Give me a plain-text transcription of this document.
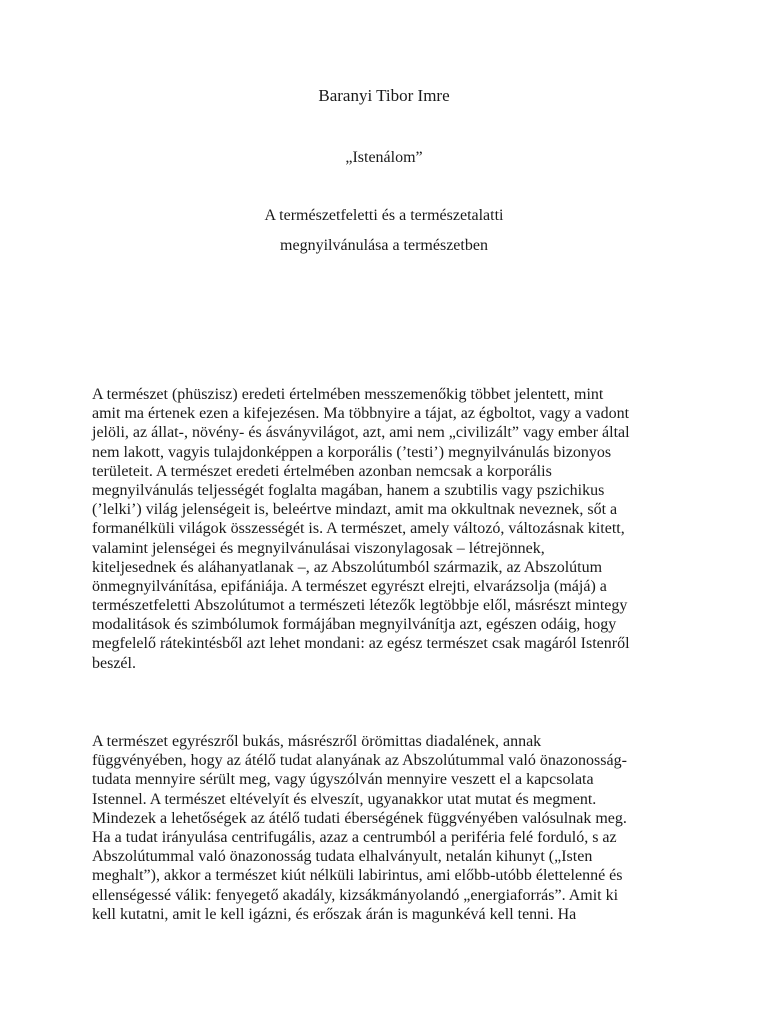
Baranyi Tibor Imre
„Istenálom”
A természetfeletti és a természetalatti
megnyilvánulása a természetben
A természet (phüszisz) eredeti értelmében messzemenőkig többet jelentett, mint
amit ma értenek ezen a kifejezésen. Ma többnyire a tájat, az égboltot, vagy a vadont
jelöli, az állat-, növény- és ásványvilágot, azt, ami nem „civilizált” vagy ember által
nem lakott, vagyis tulajdonképpen a korporális (’testi’) megnyilvánulás bizonyos
területeit. A természet eredeti értelmében azonban nemcsak a korporális
megnyilvánulás teljességét foglalta magában, hanem a szubtilis vagy pszichikus
(’lelki’) világ jelenségeit is, beleértve mindazt, amit ma okkultnak neveznek, sőt a
formanélküli világok összességét is. A természet, amely változó, változásnak kitett,
valamint jelenségei és megnyilvánulásai viszonylagosak – létrejönnek,
kiteljesednek és aláhanyatlanak –, az Abszolútumból származik, az Abszolútum
önmegnyilvánítása, epifániája. A természet egyrészt elrejti, elvarázsolja (májá) a
természetfeletti Abszolútumot a természeti létezők legtöbbje elől, másrészt mintegy
modalitások és szimbólumok formájában megnyilvánítja azt, egészen odáig, hogy
megfelelő rátekintésből azt lehet mondani: az egész természet csak magáról Istenről
beszél.
A természet egyrészről bukás, másrészről örömittas diadalének, annak
függvényében, hogy az átélő tudat alanyának az Abszolútummal való önazonosság-
tudata mennyire sérült meg, vagy úgyszólván mennyire veszett el a kapcsolata
Istennel. A természet eltévelyít és elveszít, ugyanakkor utat mutat és megment.
Mindezek a lehetőségek az átélő tudati éberségének függvényében valósulnak meg.
Ha a tudat irányulása centrifugális, azaz a centrumból a periféria felé forduló, s az
Abszolútummal való önazonosság tudata elhalványult, netalán kihunyt („Isten
meghalt”), akkor a természet kiút nélküli labirintus, ami előbb-utóbb élettelenné és
ellenségessé válik: fenyegető akadály, kizsákmányolandó „energiaforrás”. Amit ki
kell kutatni, amit le kell igázni, és erőszak árán is magunkévá kell tenni. Ha
